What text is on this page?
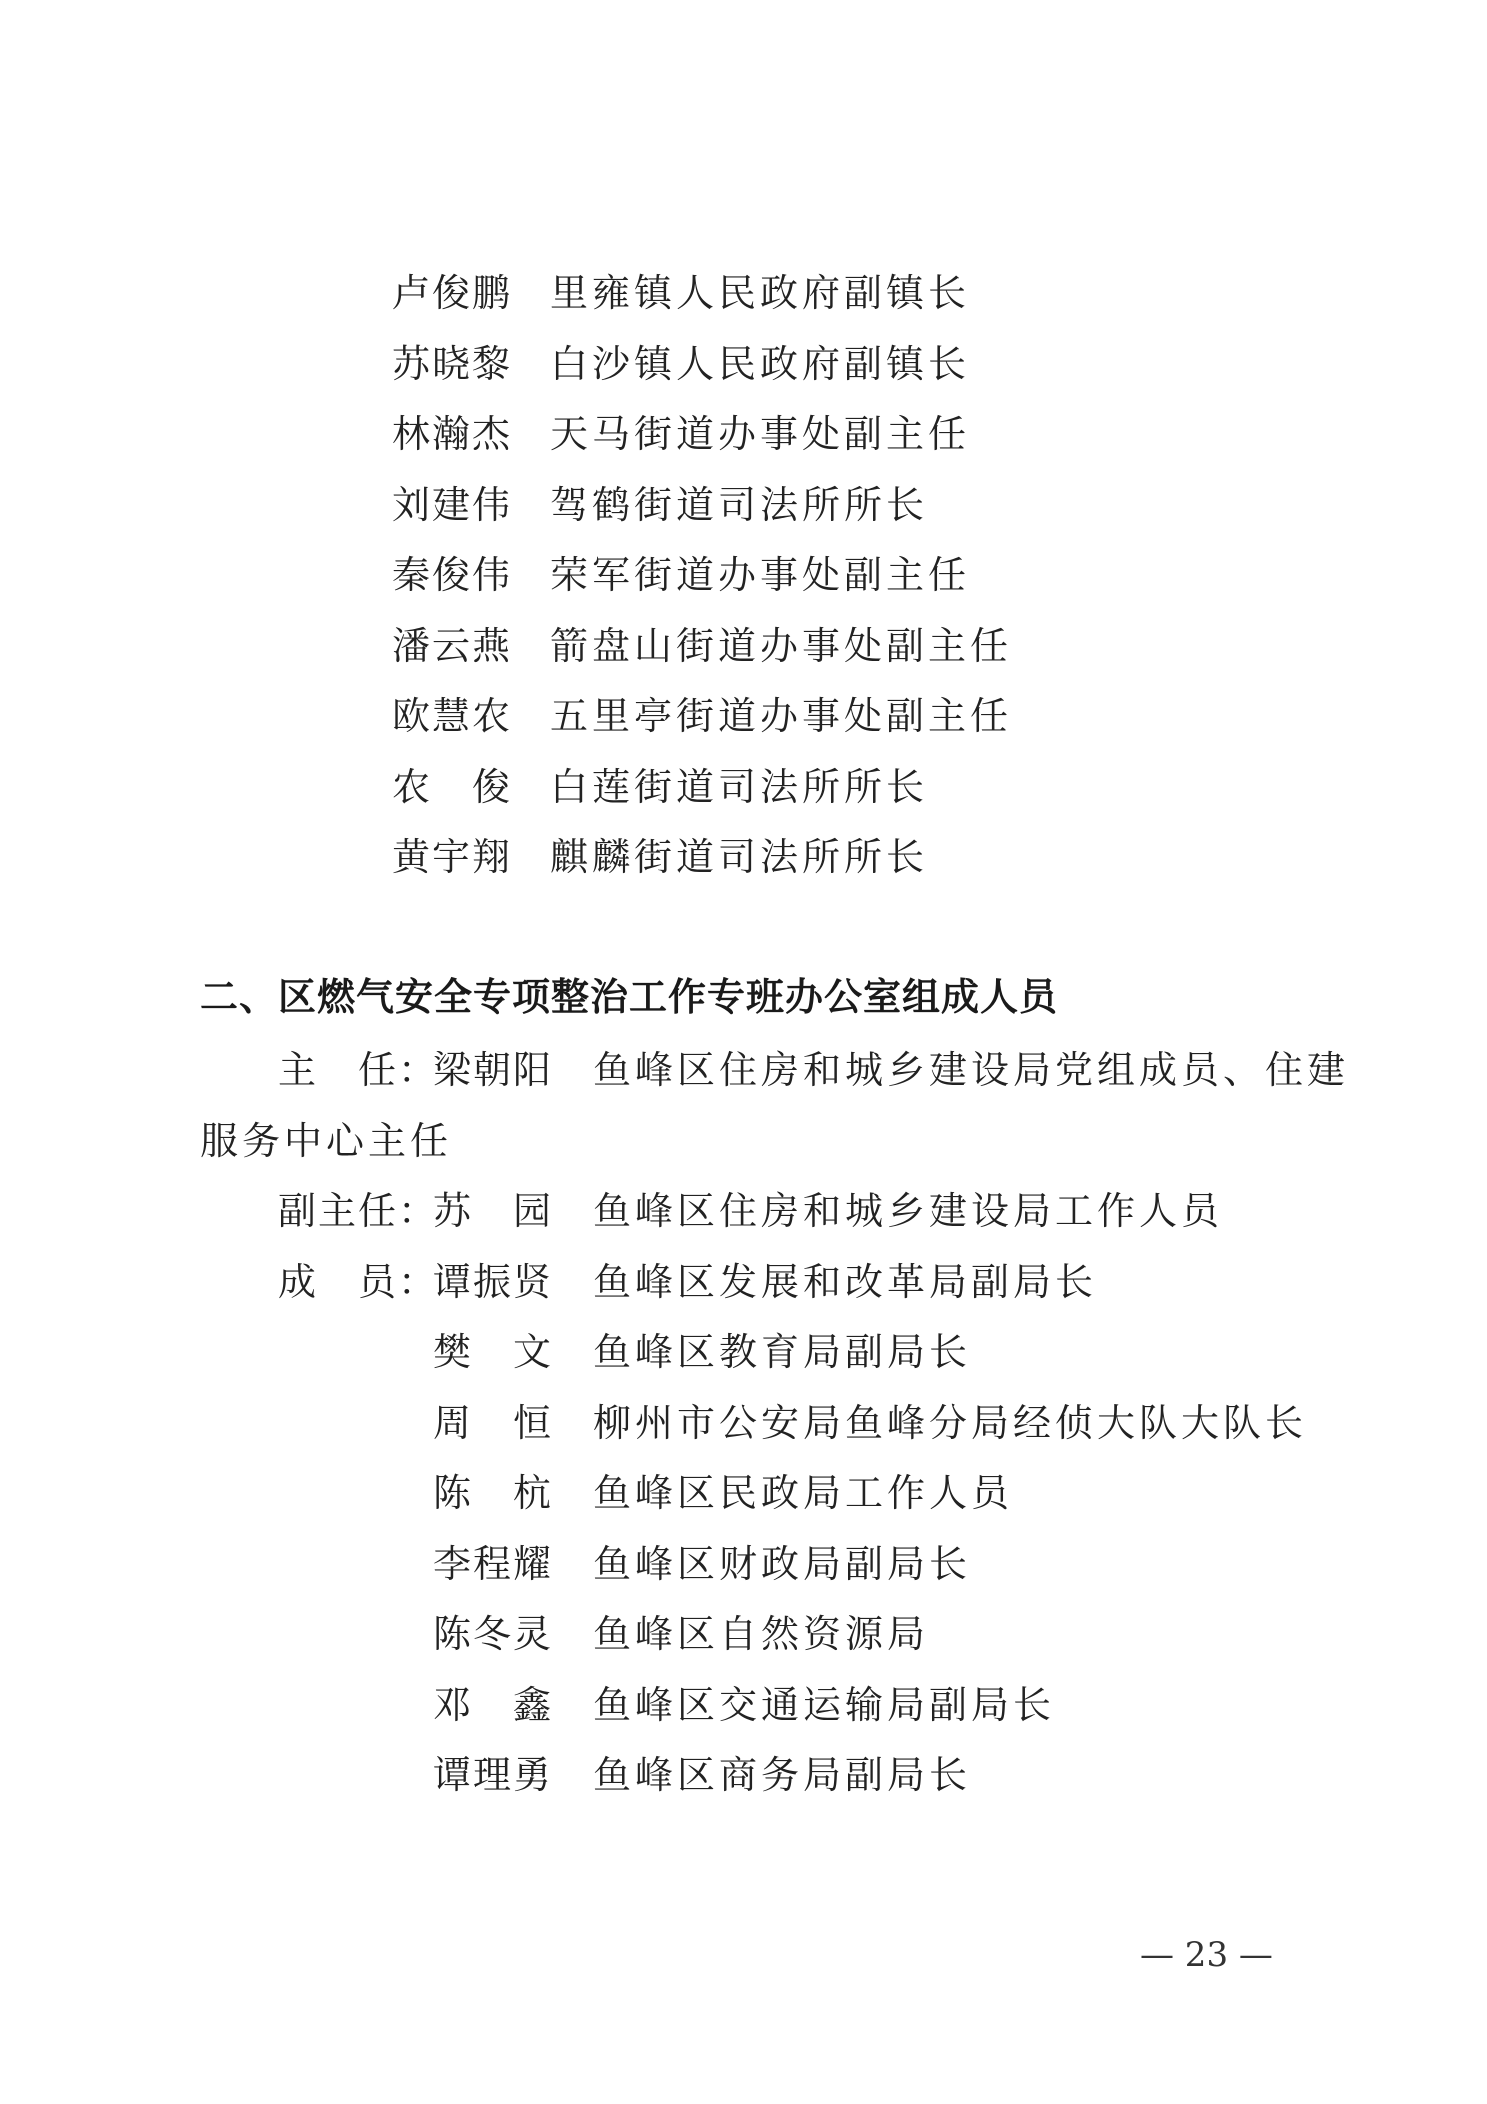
卢俊鹏 里雍镇人民政府副镇长
苏晓黎 白沙镇人民政府副镇长
林瀚杰 天马街道办事处副主任
刘建伟 驾鹤街道司法所所长
秦俊伟 荣军街道办事处副主任
潘云燕 箭盘山街道办事处副主任
欧慧农 五里亭街道办事处副主任
农　俊 白莲街道司法所所长
黄宇翔 麒麟街道司法所所长
二、区燃气安全专项整治工作专班办公室组成人员
主　任：梁朝阳 鱼峰区住房和城乡建设局党组成员、住建
服务中心主任
副主任：苏　园 鱼峰区住房和城乡建设局工作人员
成　员：谭振贤 鱼峰区发展和改革局副局长
樊　文 鱼峰区教育局副局长
周　恒 柳州市公安局鱼峰分局经侦大队大队长
陈　杭 鱼峰区民政局工作人员
李程耀 鱼峰区财政局副局长
陈冬灵 鱼峰区自然资源局
邓　鑫 鱼峰区交通运输局副局长
谭理勇 鱼峰区商务局副局长
— 23 —
